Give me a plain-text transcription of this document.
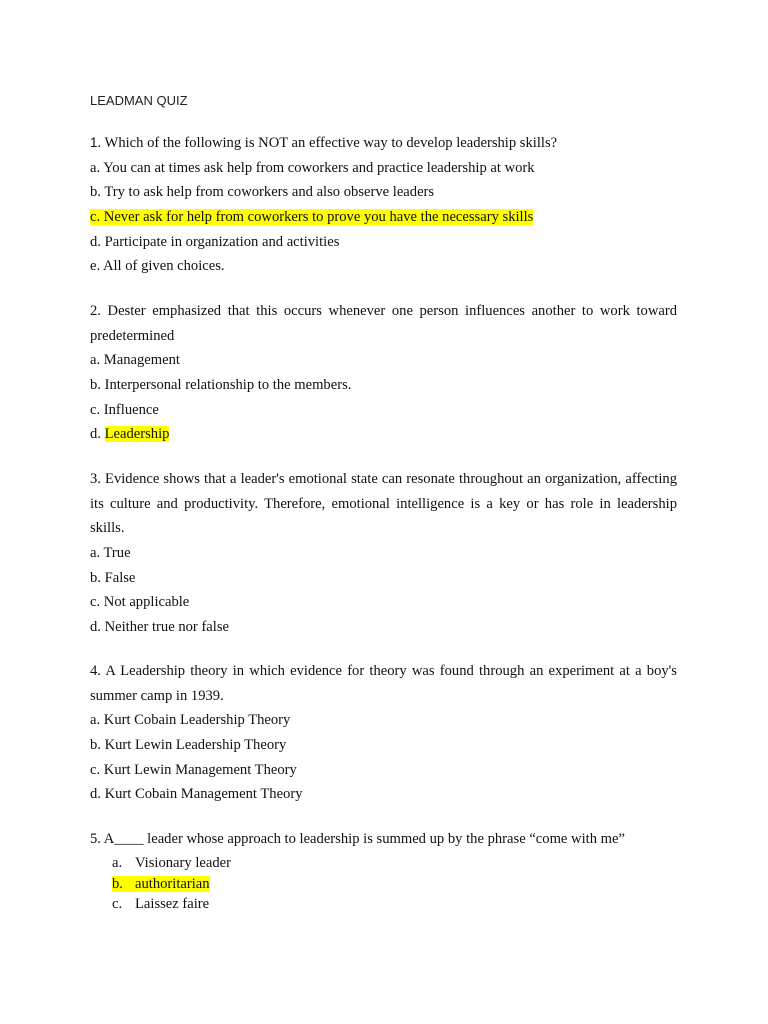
LEADMAN QUIZ
1. Which of the following is NOT an effective way to develop leadership skills?
a. You can at times ask help from coworkers and practice leadership at work
b. Try to ask help from coworkers and also observe leaders
c. Never ask for help from coworkers to prove you have the necessary skills
d. Participate in organization and activities
e. All of given choices.
2. Dester emphasized that this occurs whenever one person influences another to work toward predetermined
a. Management
b. Interpersonal relationship to the members.
c. Influence
d. Leadership
3. Evidence shows that a leader's emotional state can resonate throughout an organization, affecting its culture and productivity. Therefore, emotional intelligence is a key or has role in leadership skills.
a. True
b. False
c. Not applicable
d. Neither true nor false
4. A Leadership theory in which evidence for theory was found through an experiment at a boy's summer camp in 1939.
a. Kurt Cobain Leadership Theory
b. Kurt Lewin Leadership Theory
c. Kurt Lewin Management Theory
d. Kurt Cobain Management Theory
5. A____ leader whose approach to leadership is summed up by the phrase “come with me”
a. Visionary leader
b. authoritarian
c. Laissez faire
